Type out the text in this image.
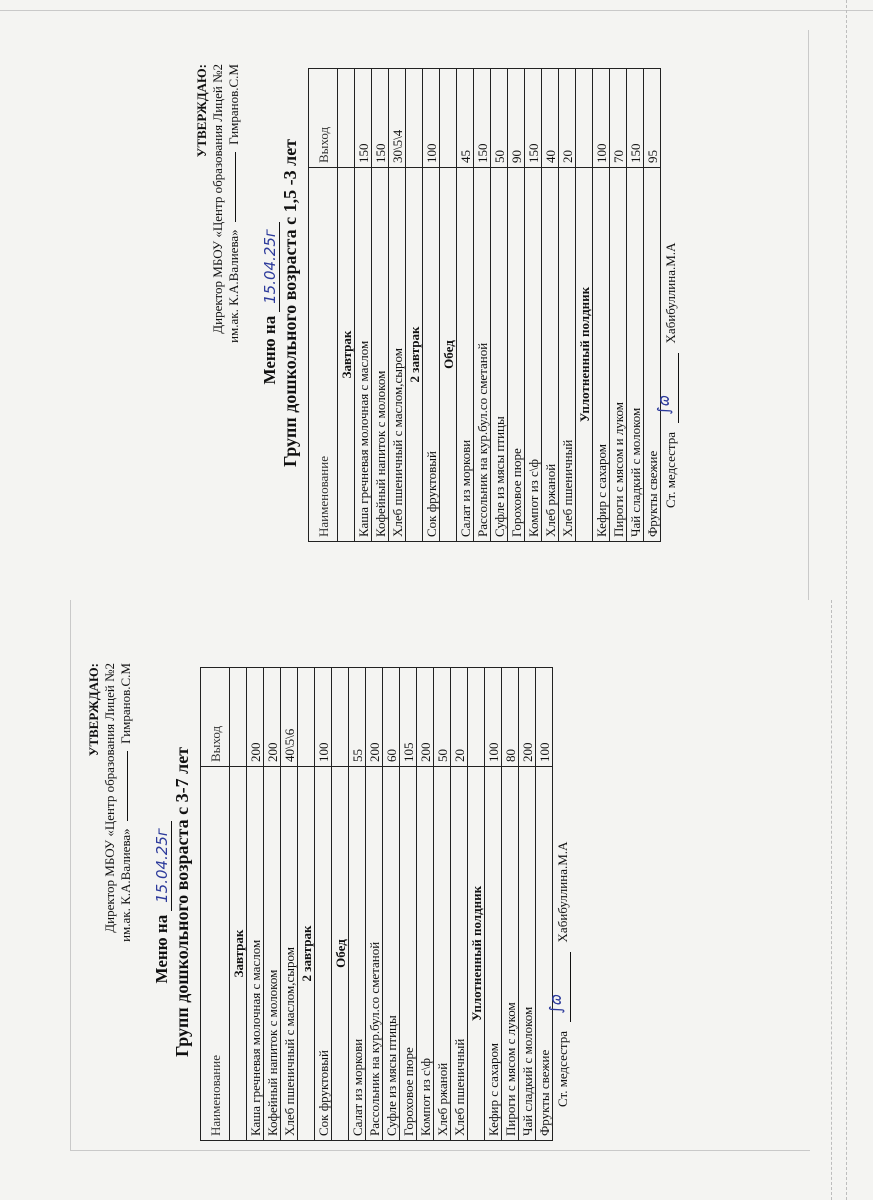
УТВЕРЖДАЮ: Директор МБОУ «Центр образования Лицей №2 им.ак. К.А.Валиева»  Гимранов.С.М
Меню на 15.04.25г Групп дошкольного возраста с 1,5 -3 лет
Наименование	Выход
Завтрак	
Каша гречневая молочная с маслом	150
Кофейный напиток с молоком	150
Хлеб пшеничный с маслом,сыром	30\5\4
2 завтрак	
Сок фруктовый	100
Обед	
Салат из моркови	45
Рассольник на кур.бул.со сметаной	150
Суфле из мясы птицы	50
Гороховое пюре	90
Компот из с\ф	150
Хлеб ржаной	40
Хлеб пшеничный	20
Уплотненный полдник	
Кефир с сахаром	100
Пироги с мясом и луком	70
Чай сладкий с молоком	150
Фрукты свежие	95
Ст. медсестра
∫ɷ
Хабибуллина.М.А
УТВЕРЖДАЮ: Директор МБОУ «Центр образования Лицей №2 им.ак. К.А.Валиева»  Гимранов.С.М
Меню на 15.04.25г Групп дошкольного возраста с 3-7 лет
Наименование	Выход
Завтрак	
Каша гречневая молочная с маслом	200
Кофейный напиток с молоком	200
Хлеб пшеничный с маслом,сыром	40\5\6
2 завтрак	
Сок фруктовый	100
Обед	
Салат из моркови	55
Рассольник на кур.бул.со сметаной	200
Суфле из мясы птицы	60
Гороховое пюре	105
Компот из с\ф	200
Хлеб ржаной	50
Хлеб пшеничный	20
Уплотненный полдник	
Кефир с сахаром	100
Пироги с мясом с луком	80
Чай сладкий с молоком	200
Фрукты свежие	100
Ст. медсестра
∫ɷ
Хабибуллина.М.А
